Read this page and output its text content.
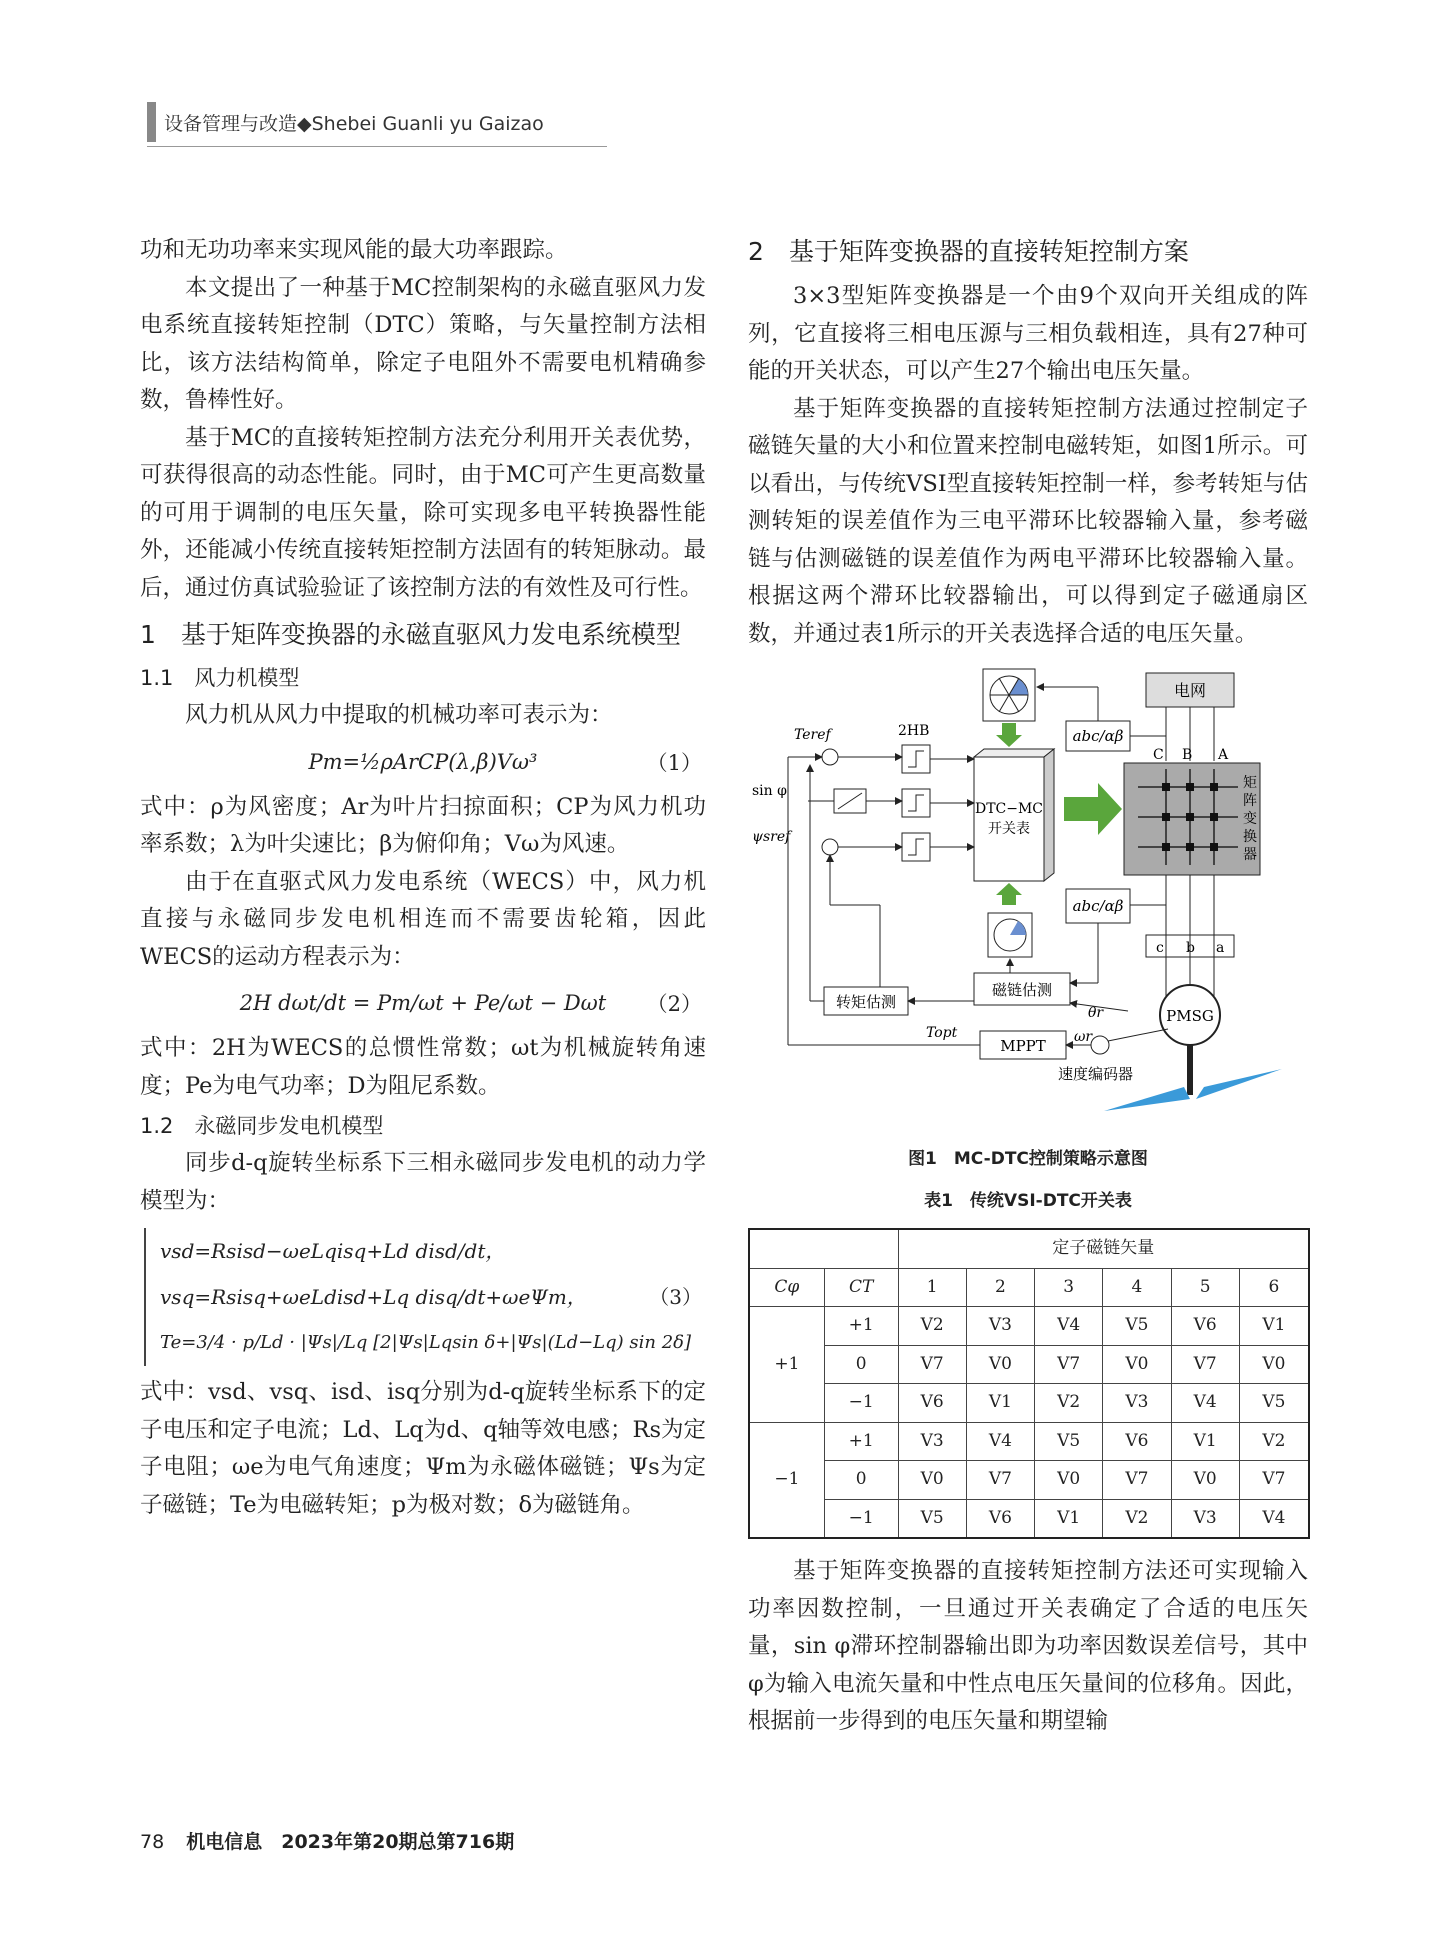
设备管理与改造◆Shebei Guanli yu Gaizao

功和无功功率来实现风能的最大功率跟踪。

本文提出了一种基于MC控制架构的永磁直驱风力发电系统直接转矩控制（DTC）策略，与矢量控制方法相比，该方法结构简单，除定子电阻外不需要电机精确参数，鲁棒性好。

基于MC的直接转矩控制方法充分利用开关表优势，可获得很高的动态性能。同时，由于MC可产生更高数量的可用于调制的电压矢量，除可实现多电平转换器性能外，还能减小传统直接转矩控制方法固有的转矩脉动。最后，通过仿真试验验证了该控制方法的有效性及可行性。

1　基于矩阵变换器的永磁直驱风力发电系统模型
1.1　风力机模型

风力机从风力中提取的机械功率可表示为：

Pm=½ρArCP(λ,β)Vω³	（1）

式中：ρ为风密度；Ar为叶片扫掠面积；CP为风力机功率系数；λ为叶尖速比；β为俯仰角；Vω为风速。

由于在直驱式风力发电系统（WECS）中，风力机直接与永磁同步发电机相连而不需要齿轮箱，因此WECS的运动方程表示为：

2H dωt/dt = Pm/ωt + Pe/ωt − Dωt （2）

式中：2H为WECS的总惯性常数；ωt为机械旋转角速度；Pe为电气功率；D为阻尼系数。

1.2　永磁同步发电机模型

同步d-q旋转坐标系下三相永磁同步发电机的动力学模型为：

vsd=Rsisd−ωeLqisq+Ld disd/dt，
vsq=Rsisq+ωeLdisd+Lq disq/dt+ωeΨm，
Te=3/4 · p/Ld · |Ψs|/Lq [2|Ψs|Lqsin δ+|Ψs|(Ld−Lq) sin 2δ]
（3）

式中：vsd、vsq、isd、isq分别为d-q旋转坐标系下的定子电压和定子电流；Ld、Lq为d、q轴等效电感；Rs为定子电阻；ωe为电气角速度；Ψm为永磁体磁链；Ψs为定子磁链；Te为电磁转矩；p为极对数；δ为磁链角。

2　基于矩阵变换器的直接转矩控制方案

3×3型矩阵变换器是一个由9个双向开关组成的阵列，它直接将三相电压源与三相负载相连，具有27种可能的开关状态，可以产生27个输出电压矢量。

基于矩阵变换器的直接转矩控制方法通过控制定子磁链矢量的大小和位置来控制电磁转矩，如图1所示。可以看出，与传统VSI型直接转矩控制一样，参考转矩与估测转矩的误差值作为三电平滞环比较器输入量，参考磁链与估测磁链的误差值作为两电平滞环比较器输入量。根据这两个滞环比较器输出，可以得到定子磁通扇区数，并通过表1所示的开关表选择合适的电压矢量。

电网
C B A
abc/αβ
DTC−MC
开关表
矩
阵
变
换
器
2HB
Teref
sin φ
ψsref
abc/αβ
c b a
磁链估测
转矩估测
θr	PMSG
MPPT
Topt	ωr
速度编码器
图1　MC-DTC控制策略示意图
表1　传统VSI-DTC开关表
		定子磁链矢量					
Cφ	CT	1	2	3	4	5	6
+1	+1	V2	V3	V4	V5	V6	V1
	0	V7	V0	V7	V0	V7	V0
	−1	V6	V1	V2	V3	V4	V5
−1	+1	V3	V4	V5	V6	V1	V2
	0	V0	V7	V0	V7	V0	V7
	−1	V5	V6	V1	V2	V3	V4

基于矩阵变换器的直接转矩控制方法还可实现输入功率因数控制，一旦通过开关表确定了合适的电压矢量，sin φ滞环控制器输出即为功率因数误差信号，其中φ为输入电流矢量和中性点电压矢量间的位移角。因此，根据前一步得到的电压矢量和期望输

78 机电信息　2023年第20期总第716期
